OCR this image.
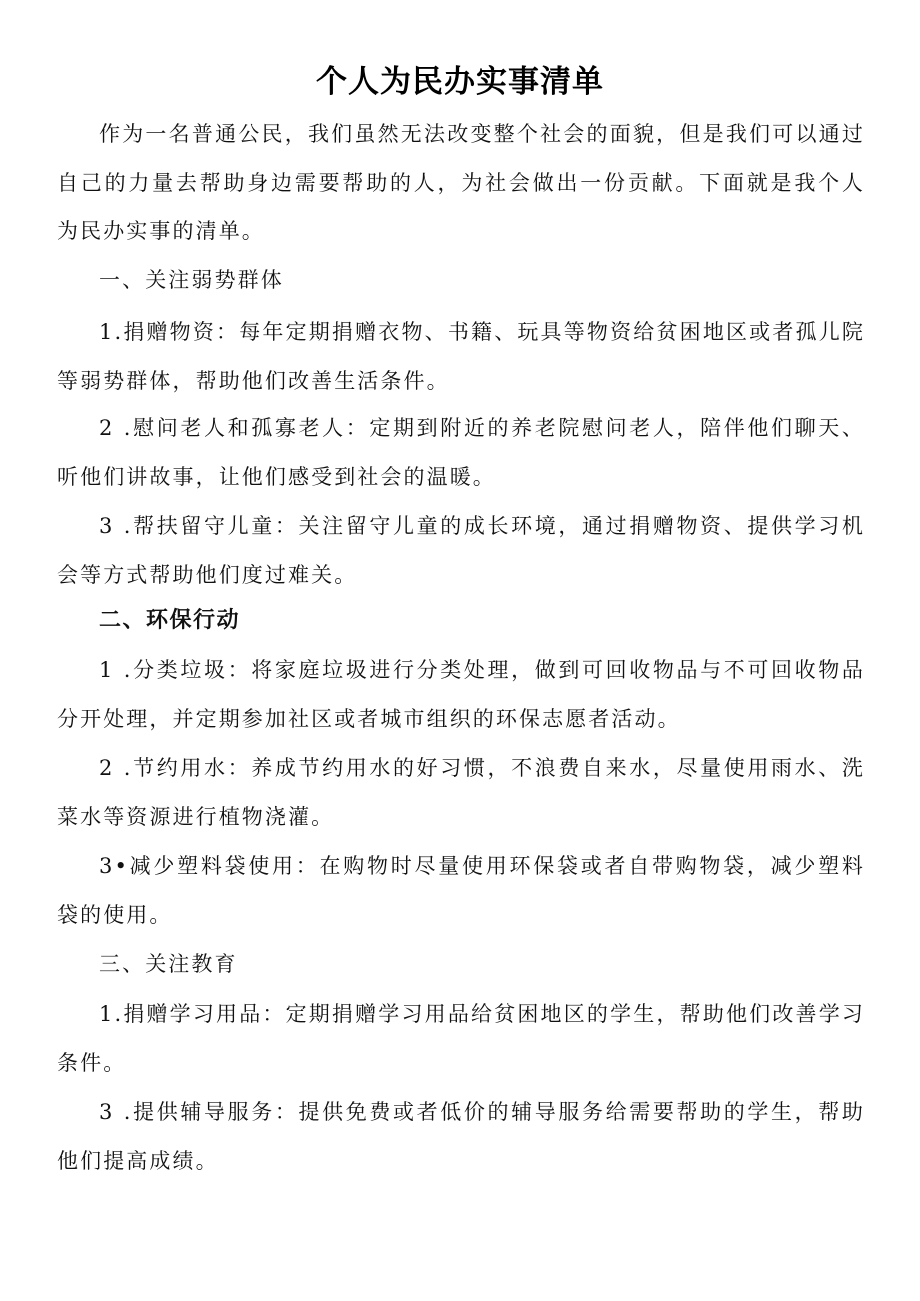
个人为民办实事清单

作为一名普通公民，我们虽然无法改变整个社会的面貌，但是我们可以通过自己的力量去帮助身边需要帮助的人，为社会做出一份贡献。下面就是我个人为民办实事的清单。

一、关注弱势群体

1.捐赠物资：每年定期捐赠衣物、书籍、玩具等物资给贫困地区或者孤儿院等弱势群体，帮助他们改善生活条件。

2 .慰问老人和孤寡老人：定期到附近的养老院慰问老人，陪伴他们聊天、听他们讲故事，让他们感受到社会的温暖。

3 .帮扶留守儿童：关注留守儿童的成长环境，通过捐赠物资、提供学习机会等方式帮助他们度过难关。

二、环保行动

1 .分类垃圾：将家庭垃圾进行分类处理，做到可回收物品与不可回收物品分开处理，并定期参加社区或者城市组织的环保志愿者活动。

2 .节约用水：养成节约用水的好习惯，不浪费自来水，尽量使用雨水、洗菜水等资源进行植物浇灌。

3•减少塑料袋使用：在购物时尽量使用环保袋或者自带购物袋，减少塑料袋的使用。

三、关注教育

1.捐赠学习用品：定期捐赠学习用品给贫困地区的学生，帮助他们改善学习条件。

3 .提供辅导服务：提供免费或者低价的辅导服务给需要帮助的学生，帮助他们提高成绩。
